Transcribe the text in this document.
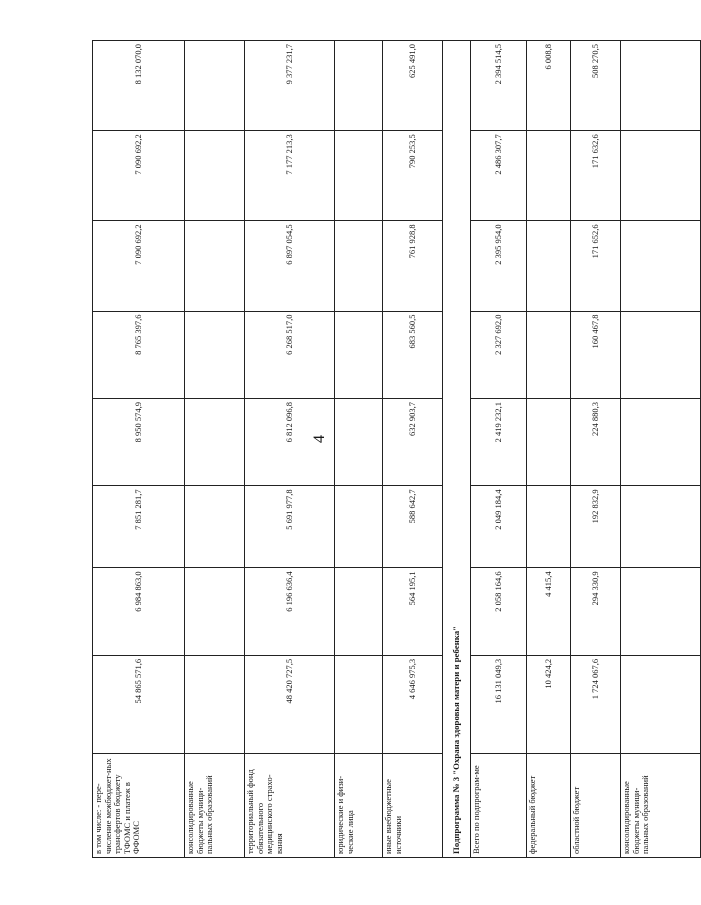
4
в том числе: - пере-числение межбюджет-ных трансфертов бюджету ТФОМС и платеж в ФФОМС	54 865 571,6	6 984 863,0	7 851 281,7	8 950 574,9	8 765 397,6	7 090 692,2	7 090 692,2	8 132 070,0
консолидированные бюджеты муници-пальных образований								
территориальный фонд обязательного медицинского страхо-вания	48 420 727,5	6 196 636,4	5 691 977,8	6 812 096,8	6 268 517,0	6 897 054,5	7 177 213,3	9 377 231,7
юридические и физи-ческие лица								
иные внебюджетные источники	4 646 975,3	564 195,1	588 642,7	632 903,7	683 560,5	761 928,8	790 253,5	625 491,0
Подпрограмма № 3 "Охрана здоровья матери и ребенка"								
Всего по подпрограм-ме	16 131 049,3	2 058 164,6	2 049 184,4	2 419 232,1	2 327 692,0	2 395 954,0	2 486 307,7	2 394 514,5
федеральный бюджет	10 424,2	4 415,4						6 008,8
областной бюджет	1 724 067,6	294 330,9	192 832,9	224 880,3	160 467,8	171 652,6	171 632,6	508 270,5
консолидированные бюджеты муници-пальных образований								
